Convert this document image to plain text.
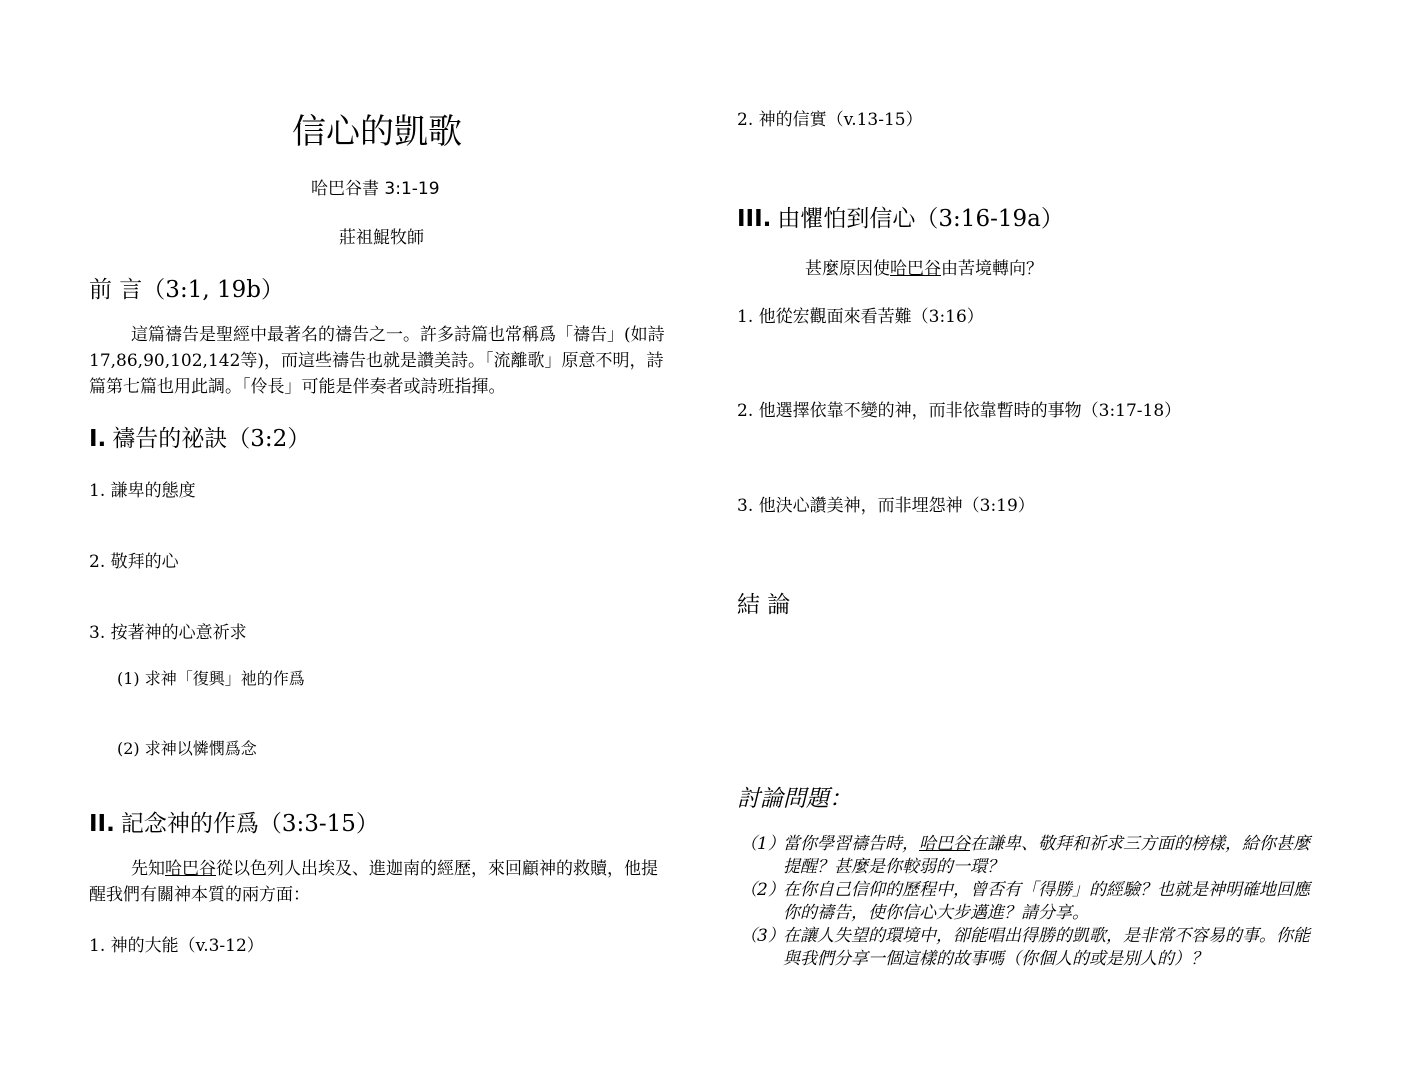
信心的凱歌
哈巴谷書 3:1-19
莊祖鯤牧師
前 言（3:1, 19b）
這篇禱告是聖經中最著名的禱告之一。許多詩篇也常稱爲「禱告」(如詩17,86,90,102,142等)，而這些禱告也就是讚美詩。「流離歌」原意不明，詩篇第七篇也用此調。「伶長」可能是伴奏者或詩班指揮。
I. 禱告的祕訣（3:2）
1. 謙卑的態度
2. 敬拜的心
3. 按著神的心意祈求
(1) 求神「復興」祂的作爲
(2) 求神以憐憫爲念
II. 記念神的作爲（3:3-15）
先知哈巴谷從以色列人出埃及、進迦南的經歷，來回顧神的救贖，他提醒我們有關神本質的兩方面：
1. 神的大能（v.3-12）
2. 神的信實（v.13-15）
III. 由懼怕到信心（3:16-19a）
甚麼原因使哈巴谷由苦境轉向？
1. 他從宏觀面來看苦難（3:16）
2. 他選擇依靠不變的神，而非依靠暫時的事物（3:17-18）
3. 他決心讚美神，而非埋怨神（3:19）
結 論
討論問題：
（1）
當你學習禱告時，哈巴谷在謙卑、敬拜和祈求三方面的榜樣，給你甚麼提醒？甚麼是你較弱的一環？
（2）
在你自己信仰的歷程中，曾否有「得勝」的經驗？也就是神明確地回應你的禱告，使你信心大步邁進？請分享。
（3）
在讓人失望的環境中，卻能唱出得勝的凱歌，是非常不容易的事。你能與我們分享一個這樣的故事嗎（你個人的或是別人的）？
